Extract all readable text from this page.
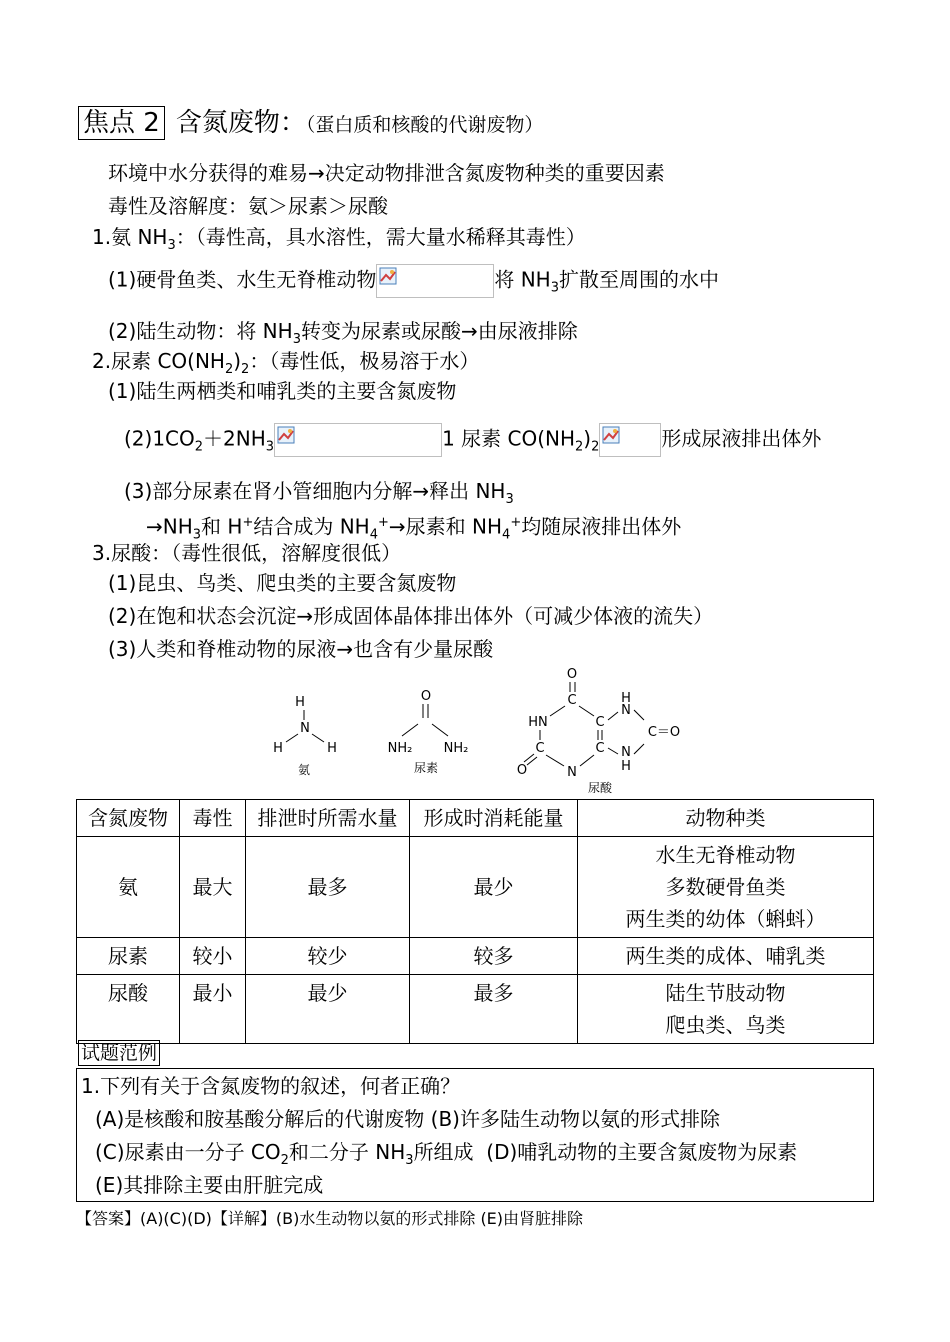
焦点 2 含氮废物：（蛋白质和核酸的代谢废物）
环境中水分获得的难易→决定动物排泄含氮废物种类的重要因素
毒性及溶解度：氨＞尿素＞尿酸
1.氨 $NH_3$：（毒性高，具水溶性，需大量水稀释其毒性）
(1)硬骨鱼类、水生无脊椎动物	将 $NH_3$扩散至周围的水中
(2)陆生动物：将 $NH_3$转变为尿素或尿酸→由尿液排除
2.尿素 $CO(NH_2)_2$：（毒性低，极易溶于水）
(1)陆生两栖类和哺乳类的主要含氮废物
$(2)1CO_2+2NH_3$	1 尿素 $CO(NH_2)_2$	形成尿液排出体外
(3)部分尿素在肾小管细胞内分解→释出 $NH_3$
$\to NH_3$和 H+结合成为 $NH_4^+\to$尿素和 $NH_4^+$均随尿液排出体外
3.尿酸：（毒性很低，溶解度很低）
(1)昆虫、鸟类、爬虫类的主要含氮废物
(2)在饱和状态会沉淀→形成固体晶体排出体外（可减少体液的流失）
(3)人类和脊椎动物的尿液→也含有少量尿酸
H
N
H	H
氨
O
C
NH₂ NH₂
尿素
O
C
HN	C
C	C
O	N
H
N
C＝O
N
H
尿酸
含氮废物	毒性	排泄时所需水量	形成时消耗能量	动物种类
氨	最大	最多	最少	水生无脊椎动物
多数硬骨鱼类
两生类的幼体（蝌蚪）

尿素	较小	较少	较多	两生类的成体、哺乳类
尿酸	最小	最少	最多	陆生节肢动物
爬虫类、鸟类
试题范例
1.下列有关于含氮废物的叙述，何者正确？
(A)是核酸和胺基酸分解后的代谢废物 (B)许多陆生动物以氨的形式排除
(C)尿素由一分子 $CO_2$和二分子 $NH_3$所组成 (D)哺乳动物的主要含氮废物为尿素
(E)其排除主要由肝脏完成
【答案】(A)(C)(D)【详解】(B)水生动物以氨的形式排除 (E)由肾脏排除
